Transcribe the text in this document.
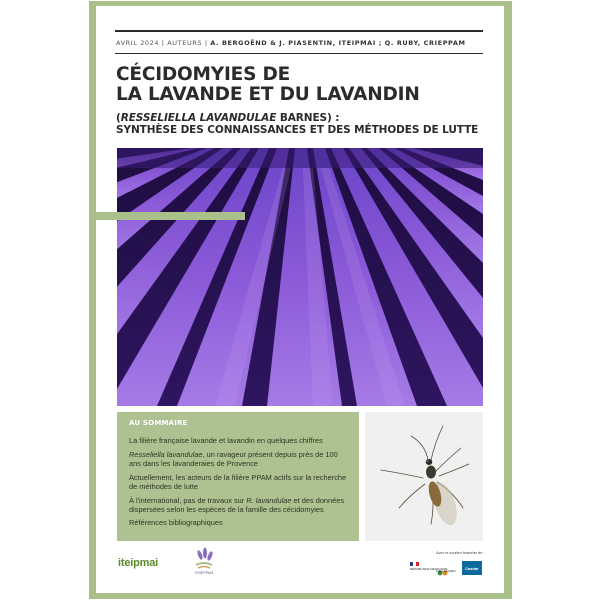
AVRIL 2024 | AUTEURS | A. BERGOËND & J. PIASENTIN, ITEIPMAI ; Q. RUBY, CRIEPPAM
CÉCIDOMYIES DE
LA LAVANDE ET DU LAVANDIN
(RESSELIELLA LAVANDULAE BARNES) :
SYNTHÈSE DES CONNAISSANCES ET DES MÉTHODES DE LUTTE
AU SOMMAIRE

La filière française lavande et lavandin en quelques chiffres

Resseliella lavandulae, un ravageur présent depuis près de 100 ans dans les lavanderaies de Provence

Actuellement, les acteurs de la filière PPAM actifs sur la recherche de méthodes de lutte

À l'international, pas de travaux sur R. lavandulae et des données dispersées selon les espèces de la famille des cécidomyies

Références bibliographiques

iteipmai
CRIEPPAM
Avec le soutien financier de :
RÉPUBLIQUE FRANÇAISE
FranceAgriMer Casdar
